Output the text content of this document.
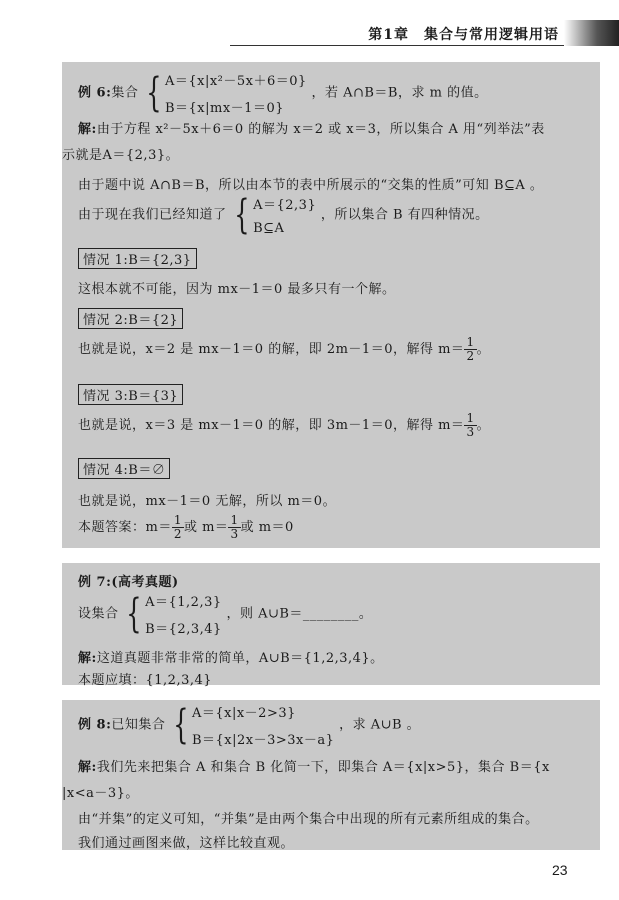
第1章　集合与常用逻辑用语
例 6:集合 { A＝{x|x²－5x＋6＝0}
B＝{x|mx－1＝0}
，若 A∩B＝B，求 m 的值。
解:由于方程 x²－5x＋6＝0 的解为 x＝2 或 x＝3，所以集合 A 用“列举法”表
示就是A＝{2,3}。
由于题中说 A∩B＝B，所以由本节的表中所展示的“交集的性质”可知 B⊆A 。
由于现在我们已经知道了 { A＝{2,3}
B⊆A
，所以集合 B 有四种情况。
情况 1:B＝{2,3}
这根本就不可能，因为 mx－1＝0 最多只有一个解。
情况 2:B＝{2}
也就是说，x＝2 是 mx－1＝0 的解，即 2m－1＝0，解得 $m= \frac{1}{2}$ 。
情况 3:B＝{3}
也就是说，x＝3 是 mx－1＝0 的解，即 3m－1＝0，解得 $m= \frac{1}{3}$ 。
情况 4:B＝∅
也就是说，mx－1＝0 无解，所以 m＝0。
本题答案：$m= \frac{1}{2}$ 或 $m= \frac{1}{3}$ 或 m＝0
例 7:(高考真题)
设集合 { A＝{1,2,3}
B＝{2,3,4}
，则 A∪B＝________。
解:这道真题非常非常的简单，A∪B＝{1,2,3,4}。
本题应填：{1,2,3,4}
例 8:已知集合 { A＝{x|x－2>3}
B＝{x|2x－3>3x－a}
，求 A∪B 。
解:我们先来把集合 A 和集合 B 化简一下，即集合 A＝{x|x>5}，集合 B＝{x
|x<a－3}。
由“并集”的定义可知，“并集”是由两个集合中出现的所有元素所组成的集合。
我们通过画图来做，这样比较直观。
23
